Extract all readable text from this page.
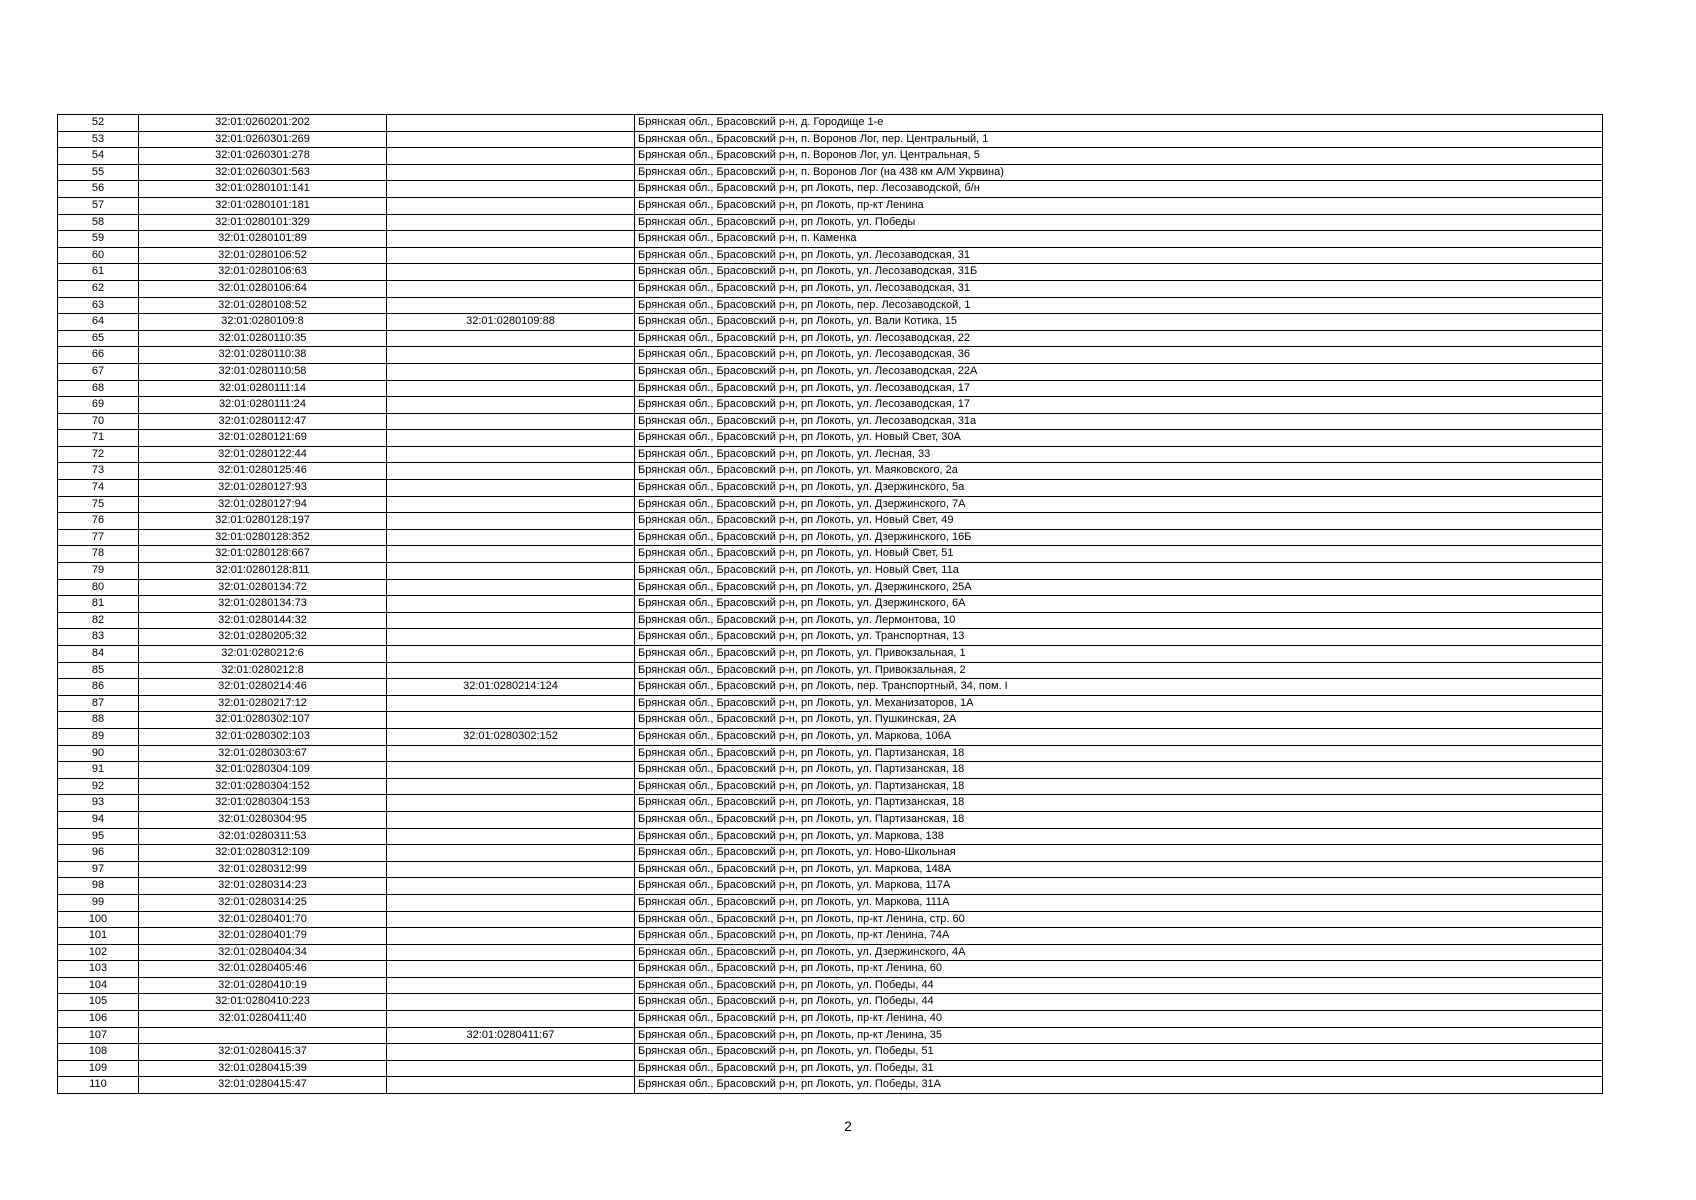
52	32:01:0260201:202		Брянская обл., Брасовский р-н, д. Городище 1-е
53	32:01:0260301:269		Брянская обл., Брасовский р-н, п. Воронов Лог, пер. Центральный, 1
54	32:01:0260301:278		Брянская обл., Брасовский р-н, п. Воронов Лог, ул. Центральная, 5
55	32:01:0260301:563		Брянская обл., Брасовский р-н, п. Воронов Лог (на 438 км А/М Укрвина)
56	32:01:0280101:141		Брянская обл., Брасовский р-н, рп Локоть, пер. Лесозаводской, б/н
57	32:01:0280101:181		Брянская обл., Брасовский р-н, рп Локоть, пр-кт Ленина
58	32:01:0280101:329		Брянская обл., Брасовский р-н, рп Локоть, ул. Победы
59	32:01:0280101:89		Брянская обл., Брасовский р-н, п. Каменка
60	32:01:0280106:52		Брянская обл., Брасовский р-н, рп Локоть, ул. Лесозаводская, 31
61	32:01:0280106:63		Брянская обл., Брасовский р-н, рп Локоть, ул. Лесозаводская, 31Б
62	32:01:0280106:64		Брянская обл., Брасовский р-н, рп Локоть, ул. Лесозаводская, 31
63	32:01:0280108:52		Брянская обл., Брасовский р-н, рп Локоть, пер. Лесозаводской, 1
64	32:01:0280109:8	32:01:0280109:88	Брянская обл., Брасовский р-н, рп Локоть, ул. Вали Котика, 15
65	32:01:0280110:35		Брянская обл., Брасовский р-н, рп Локоть, ул. Лесозаводская, 22
66	32:01:0280110:38		Брянская обл., Брасовский р-н, рп Локоть, ул. Лесозаводская, 36
67	32:01:0280110:58		Брянская обл., Брасовский р-н, рп Локоть, ул. Лесозаводская, 22А
68	32:01:0280111:14		Брянская обл., Брасовский р-н, рп Локоть, ул. Лесозаводская, 17
69	32:01:0280111:24		Брянская обл., Брасовский р-н, рп Локоть, ул. Лесозаводская, 17
70	32:01:0280112:47		Брянская обл., Брасовский р-н, рп Локоть, ул. Лесозаводская, 31а
71	32:01:0280121:69		Брянская обл., Брасовский р-н, рп Локоть, ул. Новый Свет, 30А
72	32:01:0280122:44		Брянская обл., Брасовский р-н, рп Локоть, ул. Лесная, 33
73	32:01:0280125:46		Брянская обл., Брасовский р-н, рп Локоть, ул. Маяковского, 2а
74	32:01:0280127:93		Брянская обл., Брасовский р-н, рп Локоть, ул. Дзержинского, 5а
75	32:01:0280127:94		Брянская обл., Брасовский р-н, рп Локоть, ул. Дзержинского, 7А
76	32:01:0280128:197		Брянская обл., Брасовский р-н, рп Локоть, ул. Новый Свет, 49
77	32:01:0280128:352		Брянская обл., Брасовский р-н, рп Локоть, ул. Дзержинского, 16Б
78	32:01:0280128:667		Брянская обл., Брасовский р-н, рп Локоть, ул. Новый Свет, 51
79	32:01:0280128:811		Брянская обл., Брасовский р-н, рп Локоть, ул. Новый Свет, 11а
80	32:01:0280134:72		Брянская обл., Брасовский р-н, рп Локоть, ул. Дзержинского, 25А
81	32:01:0280134:73		Брянская обл., Брасовский р-н, рп Локоть, ул. Дзержинского, 6А
82	32:01:0280144:32		Брянская обл., Брасовский р-н, рп Локоть, ул. Лермонтова, 10
83	32:01:0280205:32		Брянская обл., Брасовский р-н, рп Локоть, ул. Транспортная, 13
84	32:01:0280212:6		Брянская обл., Брасовский р-н, рп Локоть, ул. Привокзальная, 1
85	32:01:0280212:8		Брянская обл., Брасовский р-н, рп Локоть, ул. Привокзальная, 2
86	32:01:0280214:46	32:01:0280214:124	Брянская обл., Брасовский р-н, рп Локоть, пер. Транспортный, 34, пом. I
87	32:01:0280217:12		Брянская обл., Брасовский р-н, рп Локоть, ул. Механизаторов, 1А
88	32:01:0280302:107		Брянская обл., Брасовский р-н, рп Локоть, ул. Пушкинская, 2А
89	32:01:0280302:103	32:01:0280302:152	Брянская обл., Брасовский р-н, рп Локоть, ул. Маркова, 106А
90	32:01:0280303:67		Брянская обл., Брасовский р-н, рп Локоть, ул. Партизанская, 18
91	32:01:0280304:109		Брянская обл., Брасовский р-н, рп Локоть, ул. Партизанская, 18
92	32:01:0280304:152		Брянская обл., Брасовский р-н, рп Локоть, ул. Партизанская, 18
93	32:01:0280304:153		Брянская обл., Брасовский р-н, рп Локоть, ул. Партизанская, 18
94	32:01:0280304:95		Брянская обл., Брасовский р-н, рп Локоть, ул. Партизанская, 18
95	32:01:0280311:53		Брянская обл., Брасовский р-н, рп Локоть, ул. Маркова, 138
96	32:01:0280312:109		Брянская обл., Брасовский р-н, рп Локоть, ул. Ново-Школьная
97	32:01:0280312:99		Брянская обл., Брасовский р-н, рп Локоть, ул. Маркова, 148А
98	32:01:0280314:23		Брянская обл., Брасовский р-н, рп Локоть, ул. Маркова, 117А
99	32:01:0280314:25		Брянская обл., Брасовский р-н, рп Локоть, ул. Маркова, 111А
100	32:01:0280401:70		Брянская обл., Брасовский р-н, рп Локоть, пр-кт Ленина, стр. 60
101	32:01:0280401:79		Брянская обл., Брасовский р-н, рп Локоть, пр-кт Ленина, 74А
102	32:01:0280404:34		Брянская обл., Брасовский р-н, рп Локоть, ул. Дзержинского, 4А
103	32:01:0280405:46		Брянская обл., Брасовский р-н, рп Локоть, пр-кт Ленина, 60
104	32:01:0280410:19		Брянская обл., Брасовский р-н, рп Локоть, ул. Победы, 44
105	32:01:0280410:223		Брянская обл., Брасовский р-н, рп Локоть, ул. Победы, 44
106	32:01:0280411:40		Брянская обл., Брасовский р-н, рп Локоть, пр-кт Ленина, 40
107		32:01:0280411:67	Брянская обл., Брасовский р-н, рп Локоть, пр-кт Ленина, 35
108	32:01:0280415:37		Брянская обл., Брасовский р-н, рп Локоть, ул. Победы, 51
109	32:01:0280415:39		Брянская обл., Брасовский р-н, рп Локоть, ул. Победы, 31
110	32:01:0280415:47		Брянская обл., Брасовский р-н, рп Локоть, ул. Победы, 31А
2
